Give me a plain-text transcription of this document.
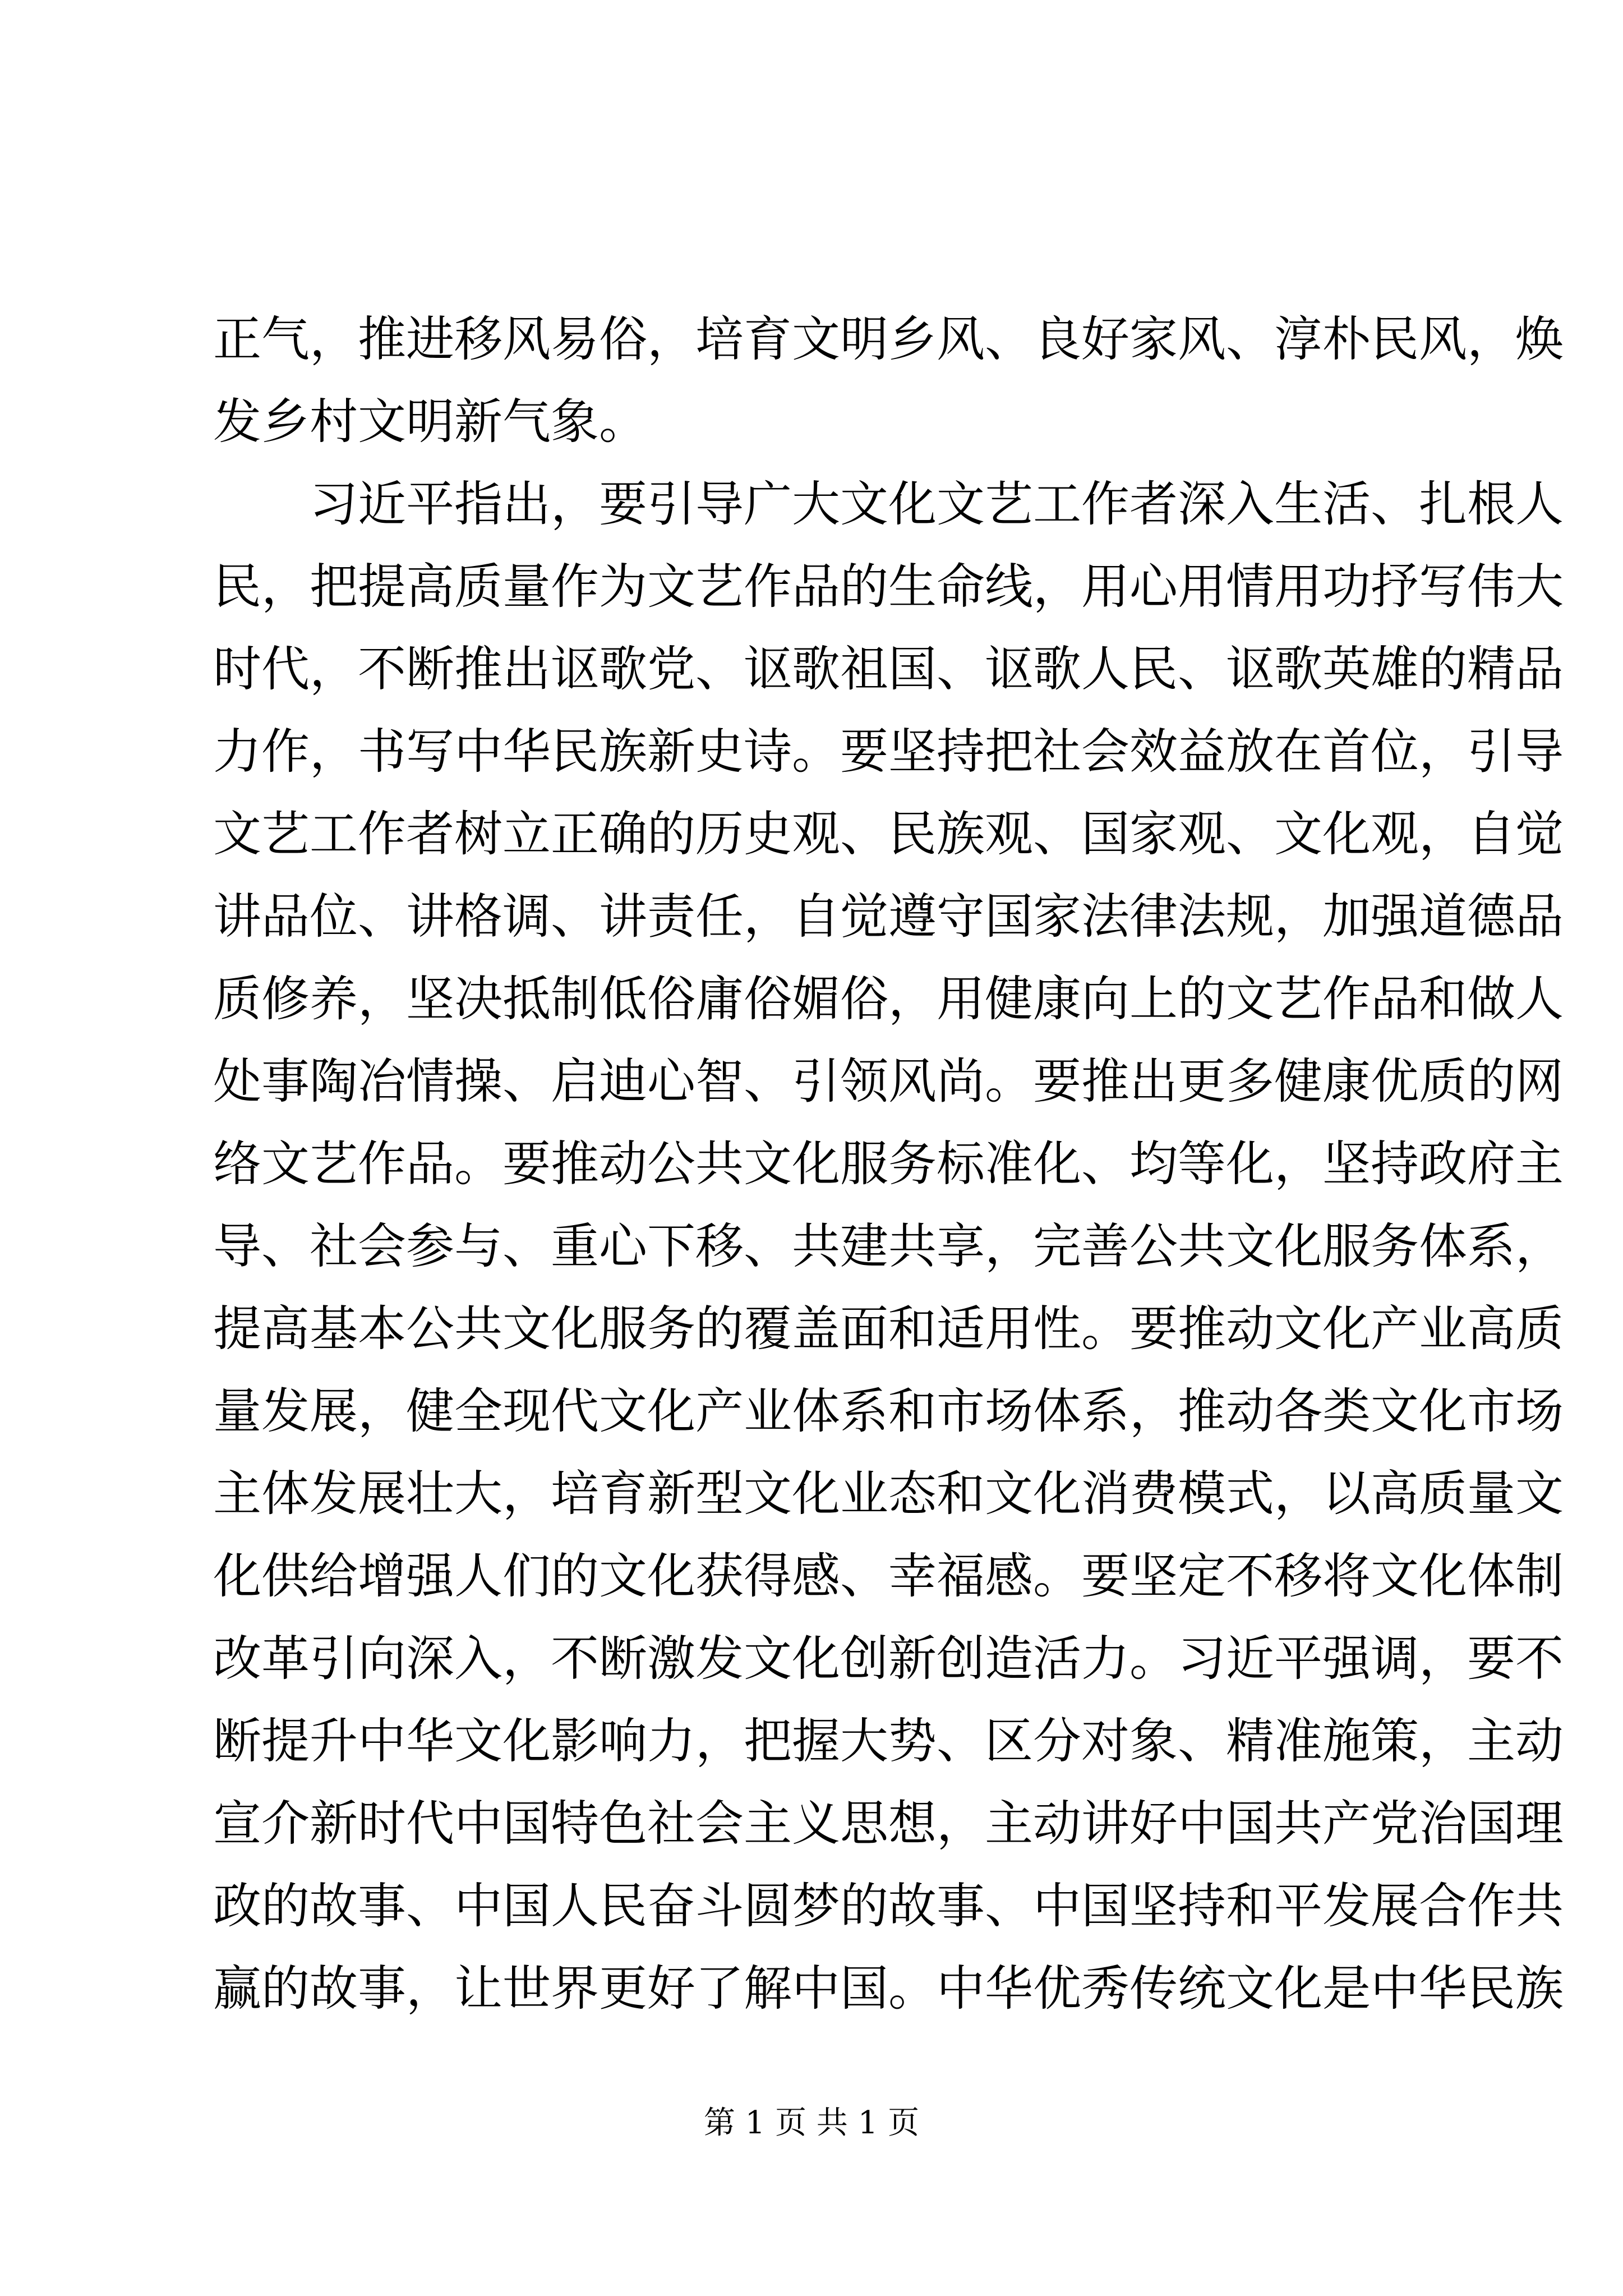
正气，推进移风易俗，培育文明乡风、良好家风、淳朴民风，焕
发乡村文明新气象。
习近平指出，要引导广大文化文艺工作者深入生活、扎根人
民，把提高质量作为文艺作品的生命线，用心用情用功抒写伟大
时代，不断推出讴歌党、讴歌祖国、讴歌人民、讴歌英雄的精品
力作，书写中华民族新史诗。要坚持把社会效益放在首位，引导
文艺工作者树立正确的历史观、民族观、国家观、文化观，自觉
讲品位、讲格调、讲责任，自觉遵守国家法律法规，加强道德品
质修养，坚决抵制低俗庸俗媚俗，用健康向上的文艺作品和做人
处事陶冶情操、启迪心智、引领风尚。要推出更多健康优质的网
络文艺作品。要推动公共文化服务标准化、均等化，坚持政府主
导、社会参与、重心下移、共建共享，完善公共文化服务体系，
提高基本公共文化服务的覆盖面和适用性。要推动文化产业高质
量发展，健全现代文化产业体系和市场体系，推动各类文化市场
主体发展壮大，培育新型文化业态和文化消费模式，以高质量文
化供给增强人们的文化获得感、幸福感。要坚定不移将文化体制
改革引向深入，不断激发文化创新创造活力。习近平强调，要不
断提升中华文化影响力，把握大势、区分对象、精准施策，主动
宣介新时代中国特色社会主义思想，主动讲好中国共产党治国理
政的故事、中国人民奋斗圆梦的故事、中国坚持和平发展合作共
赢的故事，让世界更好了解中国。中华优秀传统文化是中华民族
第 1 页 共 1 页
